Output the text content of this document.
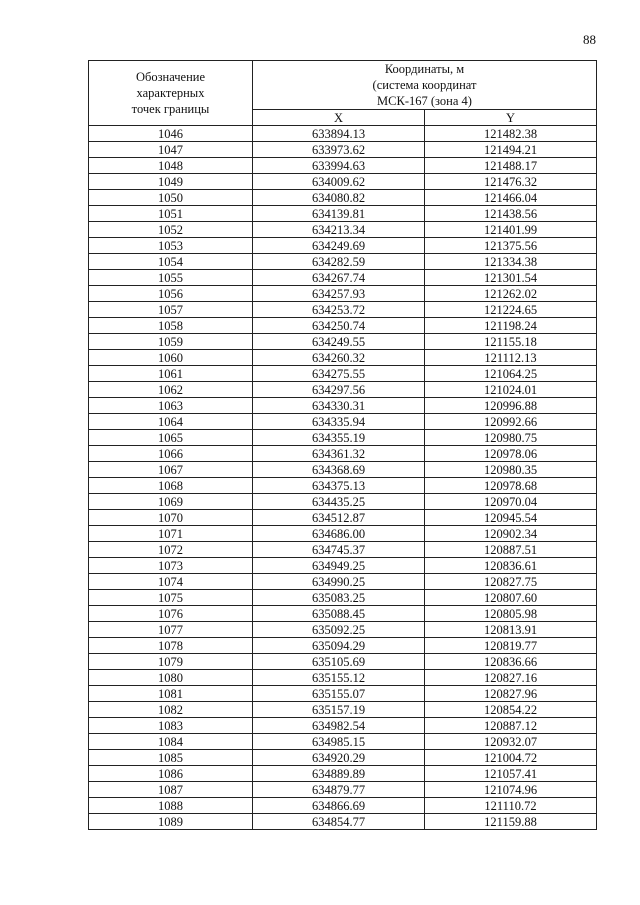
88
Обозначение
характерных
точек границы	Координаты, м
(система координат
МСК-167 (зона 4)	

	X	Y
1046	633894.13	121482.38
1047	633973.62	121494.21
1048	633994.63	121488.17
1049	634009.62	121476.32
1050	634080.82	121466.04
1051	634139.81	121438.56
1052	634213.34	121401.99
1053	634249.69	121375.56
1054	634282.59	121334.38
1055	634267.74	121301.54
1056	634257.93	121262.02
1057	634253.72	121224.65
1058	634250.74	121198.24
1059	634249.55	121155.18
1060	634260.32	121112.13
1061	634275.55	121064.25
1062	634297.56	121024.01
1063	634330.31	120996.88
1064	634335.94	120992.66
1065	634355.19	120980.75
1066	634361.32	120978.06
1067	634368.69	120980.35
1068	634375.13	120978.68
1069	634435.25	120970.04
1070	634512.87	120945.54
1071	634686.00	120902.34
1072	634745.37	120887.51
1073	634949.25	120836.61
1074	634990.25	120827.75
1075	635083.25	120807.60
1076	635088.45	120805.98
1077	635092.25	120813.91
1078	635094.29	120819.77
1079	635105.69	120836.66
1080	635155.12	120827.16
1081	635155.07	120827.96
1082	635157.19	120854.22
1083	634982.54	120887.12
1084	634985.15	120932.07
1085	634920.29	121004.72
1086	634889.89	121057.41
1087	634879.77	121074.96
1088	634866.69	121110.72
1089	634854.77	121159.88
